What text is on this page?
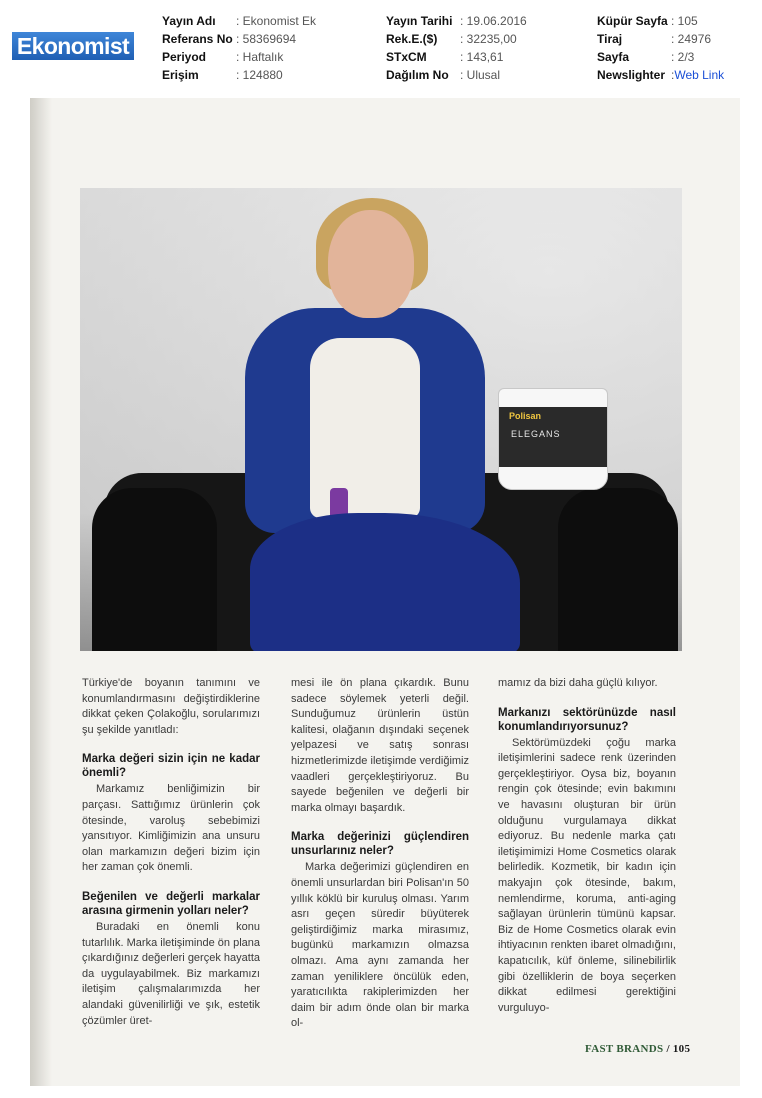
Ekonomist
Yayın Adı	: Ekonomist Ek
Referans No : 58369694
Periyod	: Haftalık
Erişim	: 124880
Yayın Tarihi : 19.06.2016
Rek.E.($)	: 32235,00
STxCM	: 143,61
Dağılım No : Ulusal
Küpür Sayfa : 105
Tiraj	: 24976
Sayfa	: 2/3
Newslighter : Web Link
Polisan
ELEGANS

Türkiye'de boyanın tanımını ve konumlandırmasını değiştirdiklerine dikkat çeken Çolakoğlu, sorularımızı şu şekilde yanıtladı:

Marka değeri sizin için ne kadar önemli?

Markamız benliğimizin bir parçası. Sattığımız ürünlerin çok ötesinde, varoluş sebebimizi yansıtıyor. Kimliğimizin ana unsuru olan markamızın değeri bizim için her zaman çok önemli.

Beğenilen ve değerli markalar arasına girmenin yolları neler?

Buradaki en önemli konu tutarlılık. Marka iletişiminde ön plana çıkardığınız değerleri gerçek hayatta da uygulayabilmek. Biz markamızı iletişim çalışmalarımızda her alandaki güvenilirliği ve şık, estetik çözümler üret-

mesi ile ön plana çıkardık. Bunu sadece söylemek yeterli değil. Sunduğumuz ürünlerin üstün kalitesi, olağanın dışındaki seçenek yelpazesi ve satış sonrası hizmetlerimizde iletişimde verdiğimiz vaadleri gerçekleştiriyoruz. Bu sayede beğenilen ve değerli bir marka olmayı başardık.

Marka değerinizi güçlendiren unsurlarınız neler?

Marka değerimizi güçlendiren en önemli unsurlardan biri Polisan'ın 50 yıllık köklü bir kuruluş olması. Yarım asrı geçen süredir büyüterek geliştirdiğimiz marka mirasımız, bugünkü markamızın olmazsa olmazı. Ama aynı zamanda her zaman yeniliklere öncülük eden, yaratıcılıkta rakiplerimizden her daim bir adım önde olan bir marka ol-

mamız da bizi daha güçlü kılıyor.

Markanızı sektörünüzde nasıl konumlandırıyorsunuz?

Sektörümüzdeki çoğu marka iletişimlerini sadece renk üzerinden gerçekleştiriyor. Oysa biz, boyanın rengin çok ötesinde; evin bakımını ve havasını oluşturan bir ürün olduğunu vurgulamaya dikkat ediyoruz. Bu nedenle marka çatı iletişimimizi Home Cosmetics olarak belirledik. Kozmetik, bir kadın için makyajın çok ötesinde, bakım, nemlendirme, koruma, anti-aging sağlayan ürünlerin tümünü kapsar. Biz de Home Cosmetics olarak evin ihtiyacının renkten ibaret olmadığını, kapatıcılık, küf önleme, silinebilirlik gibi özelliklerin de boya seçerken dikkat edilmesi gerektiğini vurguluyo-

FAST BRANDS / 105
